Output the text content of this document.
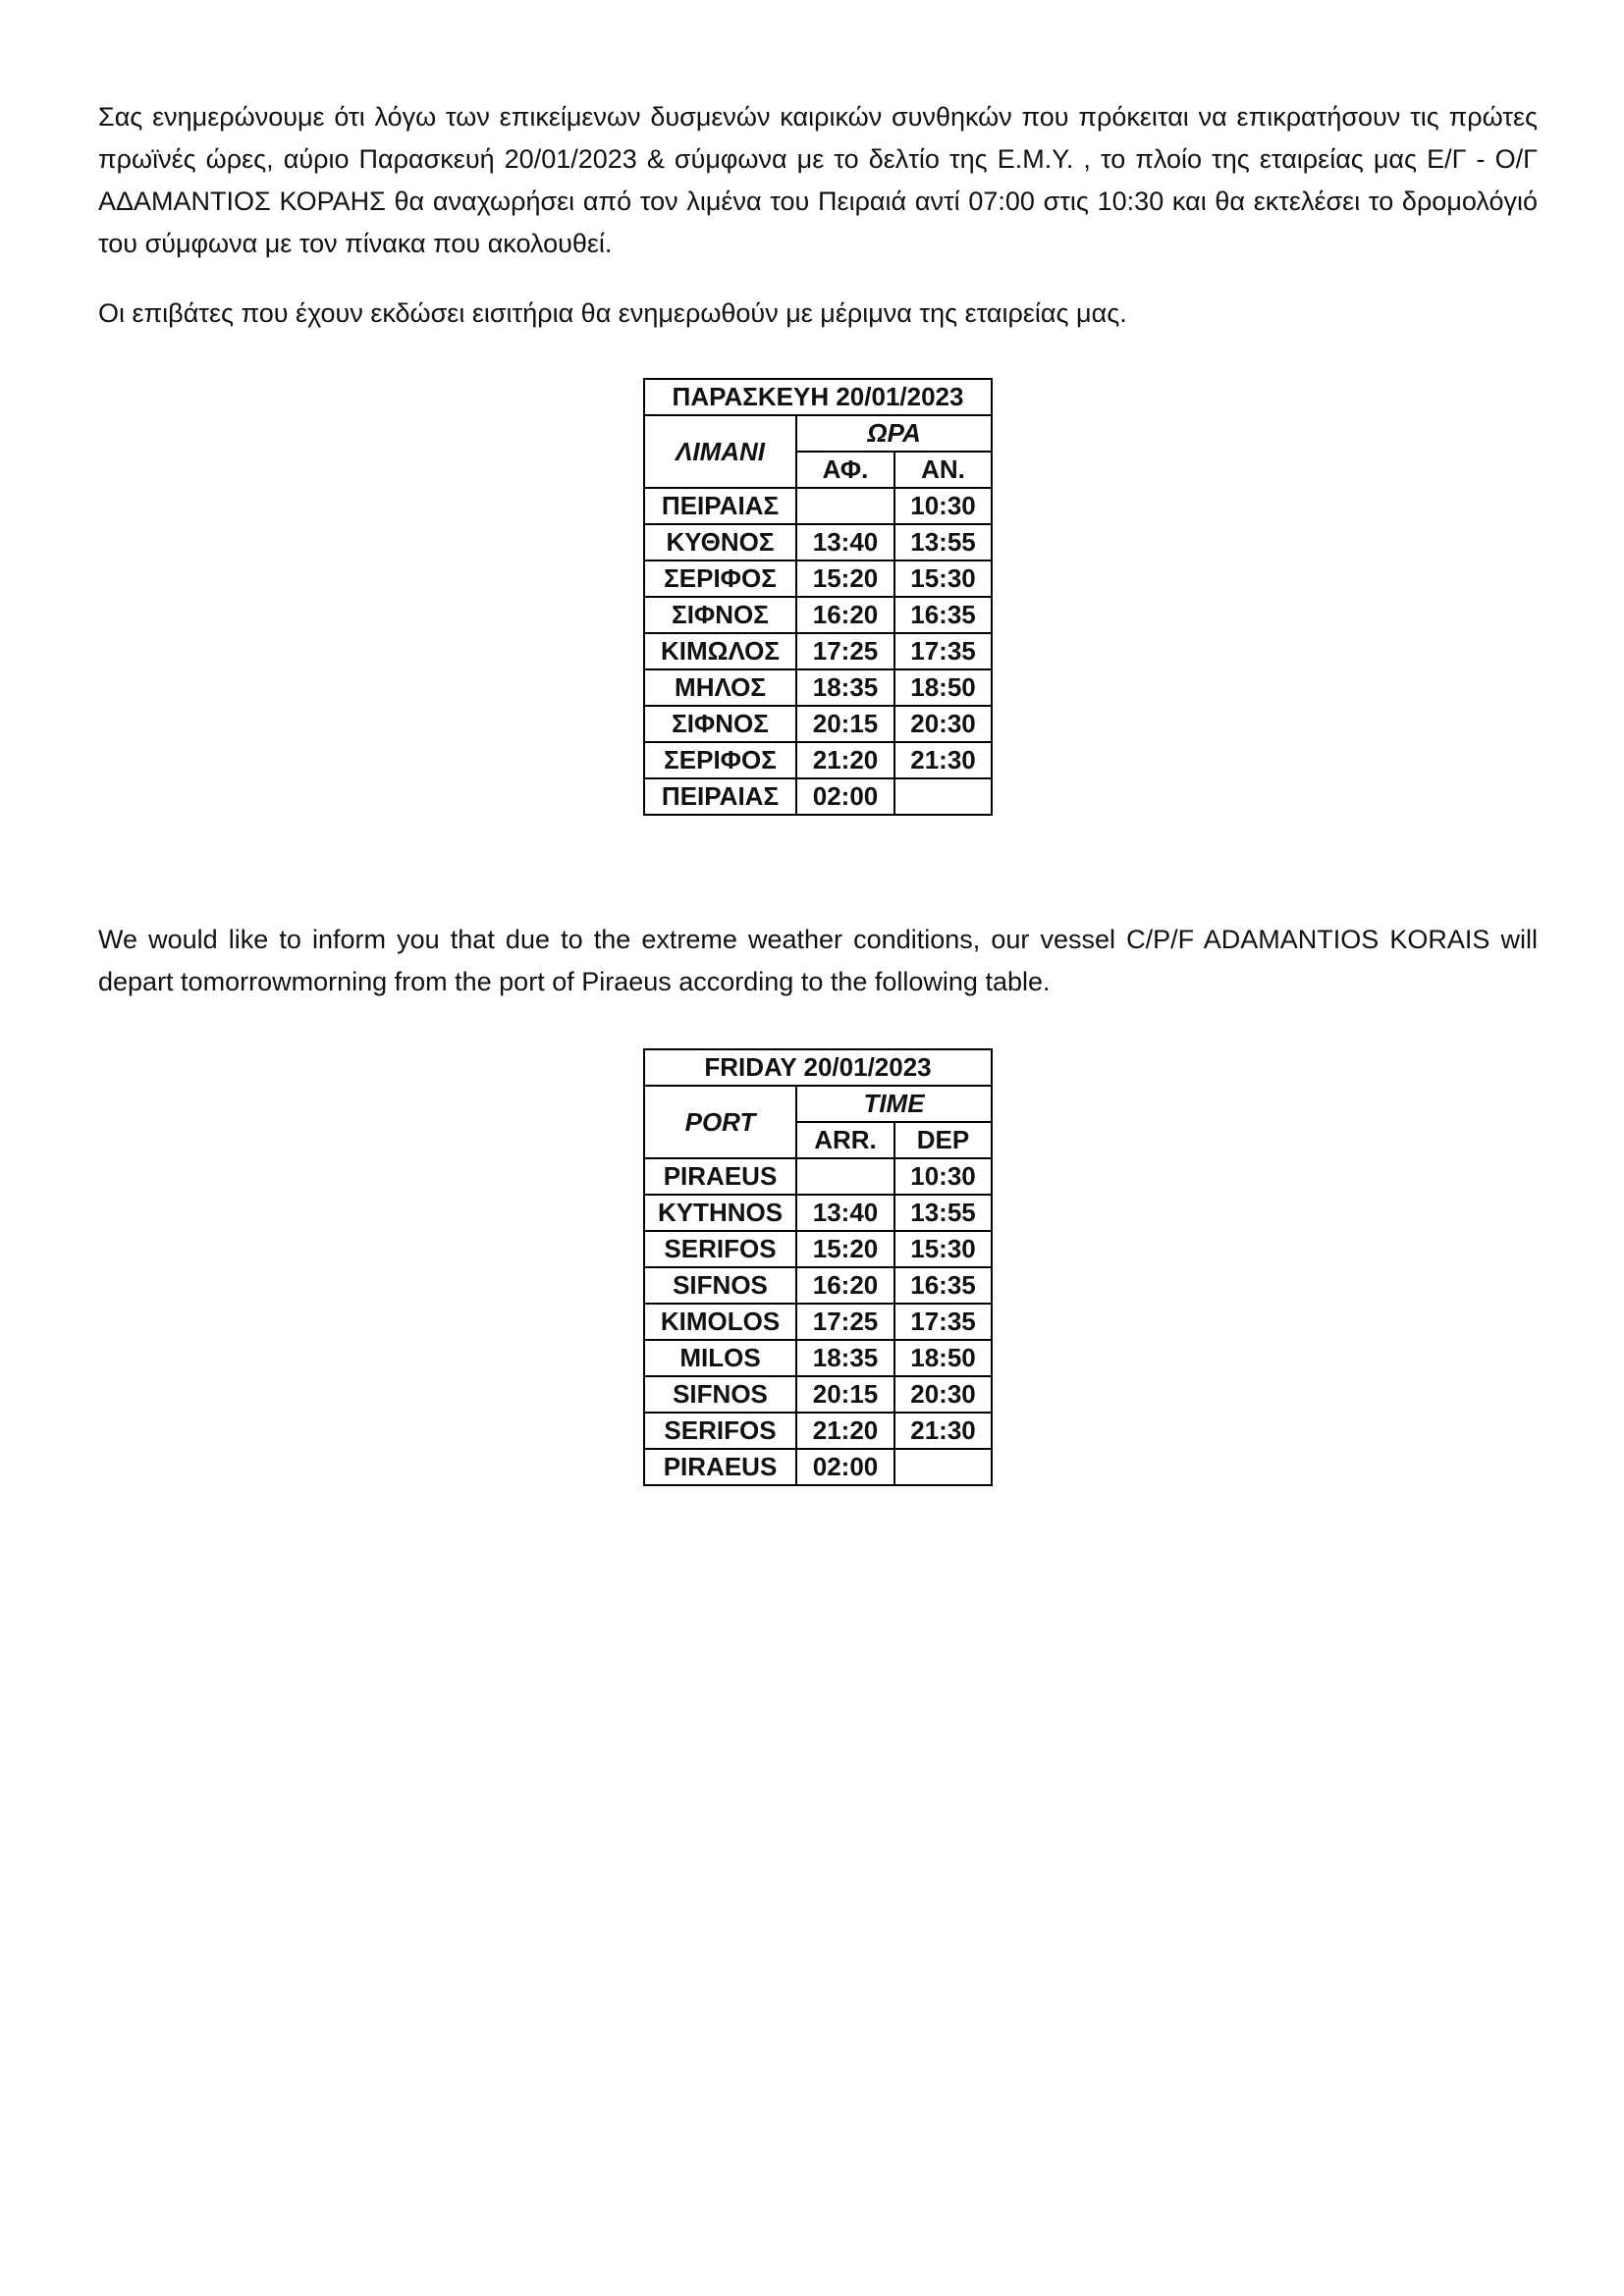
Σας ενημερώνουμε ότι λόγω των επικείμενων δυσμενών καιρικών συνθηκών που πρόκειται να επικρατήσουν τις πρώτες πρωϊνές ώρες, αύριο Παρασκευή 20/01/2023 & σύμφωνα με το δελτίο της Ε.Μ.Υ. , το πλοίο της εταιρείας μας Ε/Γ - Ο/Γ ΑΔΑΜΑΝΤΙΟΣ ΚΟΡΑΗΣ θα αναχωρήσει από τον λιμένα του Πειραιά αντί 07:00 στις 10:30 και θα εκτελέσει το δρομολόγιό του σύμφωνα με τον πίνακα που ακολουθεί.

Οι επιβάτες που έχουν εκδώσει εισιτήρια θα ενημερωθούν με μέριμνα της εταιρείας μας.

ΠΑΡΑΣΚΕΥΗ 20/01/2023		
ΛΙΜΑΝΙ	ΩΡΑ	
	ΑΦ.	ΑΝ.
ΠΕΙΡΑΙΑΣ		10:30
ΚΥΘΝΟΣ	13:40	13:55
ΣΕΡΙΦΟΣ	15:20	15:30
ΣΙΦΝΟΣ	16:20	16:35
ΚΙΜΩΛΟΣ	17:25	17:35
ΜΗΛΟΣ	18:35	18:50
ΣΙΦΝΟΣ	20:15	20:30
ΣΕΡΙΦΟΣ	21:20	21:30
ΠΕΙΡΑΙΑΣ	02:00	

We would like to inform you that due to the extreme weather conditions, our vessel C/P/F ADAMANTIOS KORAIS will depart tomorrowmorning from the port of Piraeus according to the following table.

FRIDAY 20/01/2023		
PORT	TIME	
	ARR.	DEP
PIRAEUS		10:30
KYTHNOS	13:40	13:55
SERIFOS	15:20	15:30
SIFNOS	16:20	16:35
KIMOLOS	17:25	17:35
MILOS	18:35	18:50
SIFNOS	20:15	20:30
SERIFOS	21:20	21:30
PIRAEUS	02:00	
